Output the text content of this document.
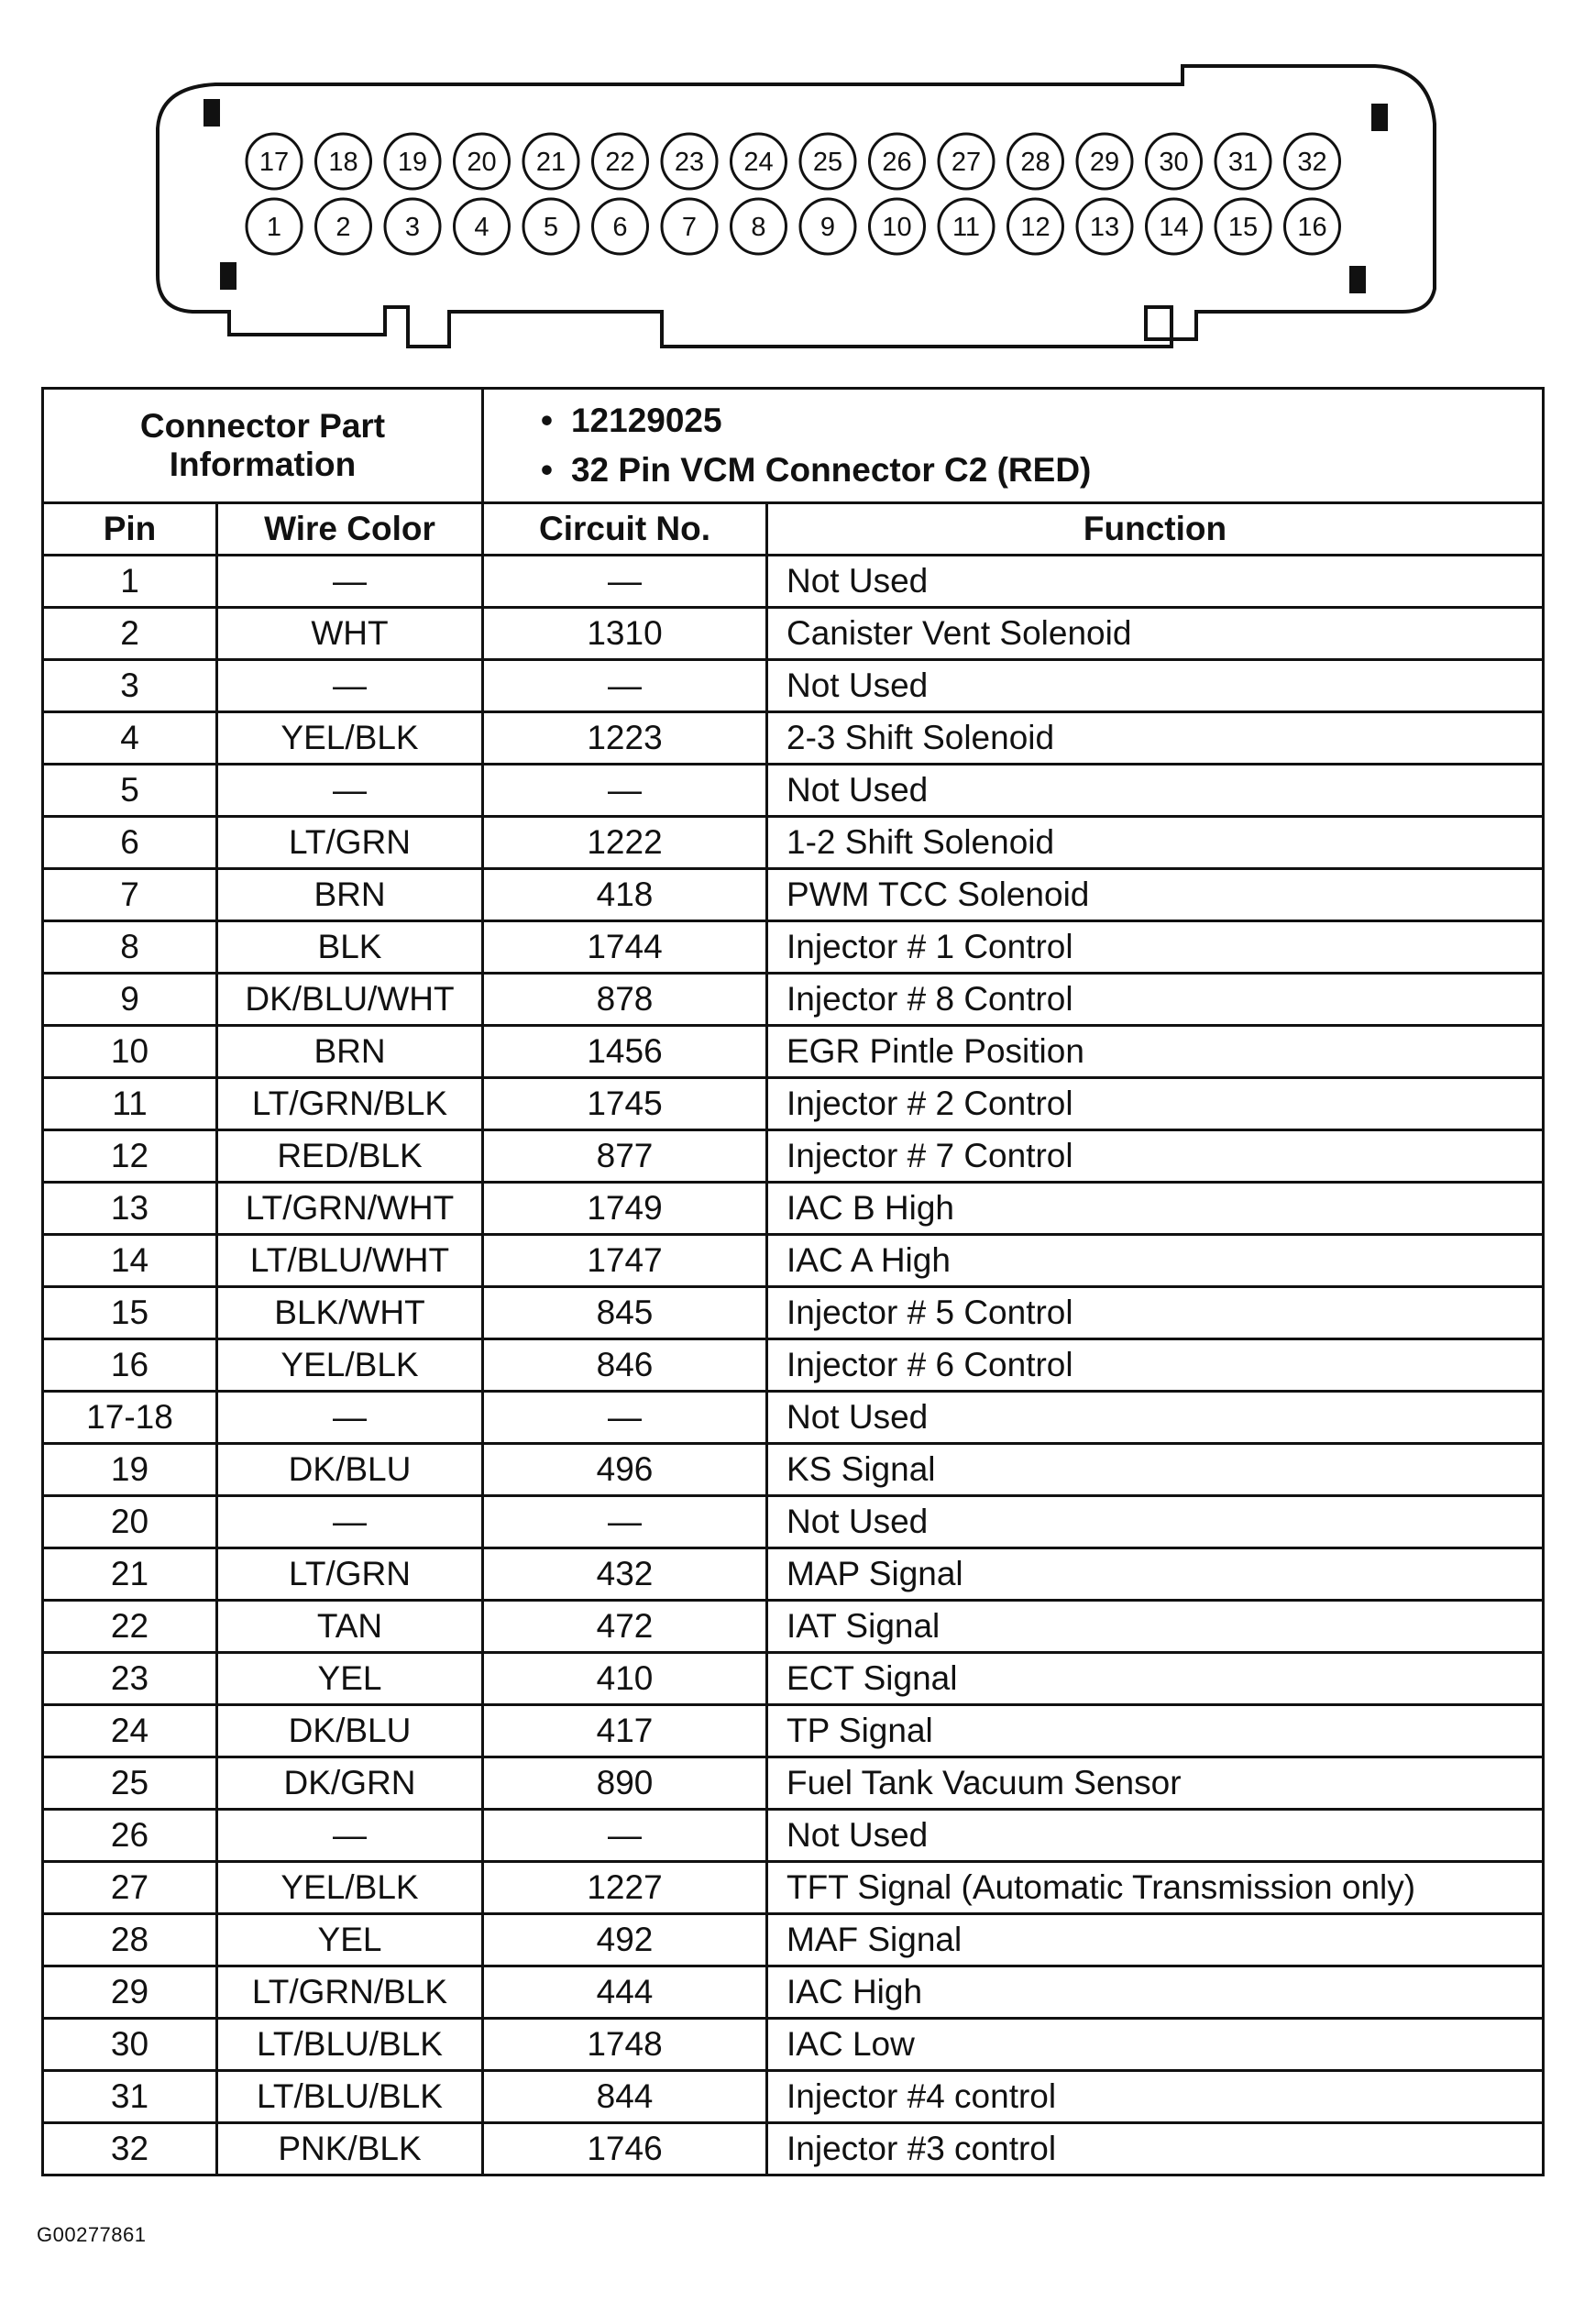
17 18 19 20 21 22 23 24 25 26 27 28 29 30 31 32
1 2 3 4 5 6 7 8 9 10 11 12 13 14 15 16
Connector Part Information		• 12129025
• 32 Pin VCM Connector C2 (RED)

Pin	Wire Color	Circuit No.	Function
1	—	—	Not Used
2	WHT	1310	Canister Vent Solenoid
3	—	—	Not Used
4	YEL/BLK	1223	2-3 Shift Solenoid
5	—	—	Not Used
6	LT/GRN	1222	1-2 Shift Solenoid
7	BRN	418	PWM TCC Solenoid
8	BLK	1744	Injector # 1 Control
9	DK/BLU/WHT	878	Injector # 8 Control
10	BRN	1456	EGR Pintle Position
11	LT/GRN/BLK	1745	Injector # 2 Control
12	RED/BLK	877	Injector # 7 Control
13	LT/GRN/WHT	1749	IAC B High
14	LT/BLU/WHT	1747	IAC A High
15	BLK/WHT	845	Injector # 5 Control
16	YEL/BLK	846	Injector # 6 Control
17-18	—	—	Not Used
19	DK/BLU	496	KS Signal
20	—	—	Not Used
21	LT/GRN	432	MAP Signal
22	TAN	472	IAT Signal
23	YEL	410	ECT Signal
24	DK/BLU	417	TP Signal
25	DK/GRN	890	Fuel Tank Vacuum Sensor
26	—	—	Not Used
27	YEL/BLK	1227	TFT Signal (Automatic Transmission only)
28	YEL	492	MAF Signal
29	LT/GRN/BLK	444	IAC High
30	LT/BLU/BLK	1748	IAC Low
31	LT/BLU/BLK	844	Injector #4 control
32	PNK/BLK	1746	Injector #3 control
G00277861
